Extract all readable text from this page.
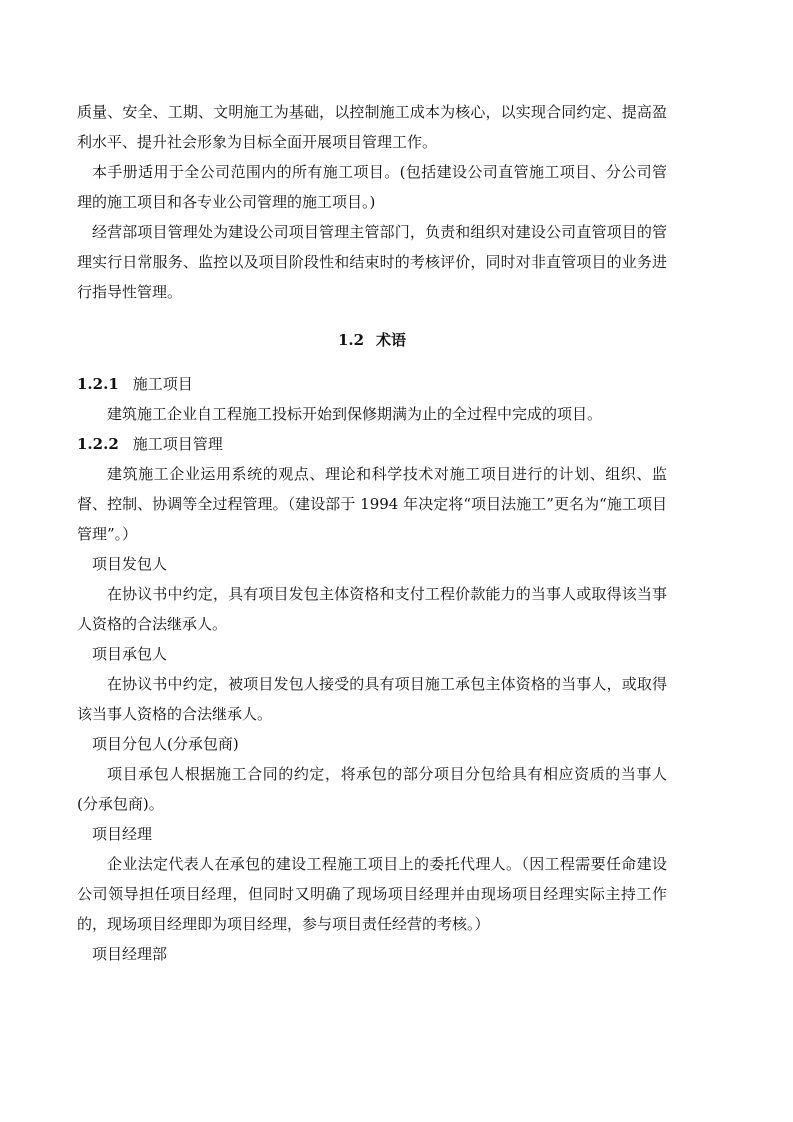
质量、安全、工期、文明施工为基础，以控制施工成本为核心，以实现合同约定、提高盈利水平、提升社会形象为目标全面开展项目管理工作。

本手册适用于全公司范围内的所有施工项目。(包括建设公司直管施工项目、分公司管理的施工项目和各专业公司管理的施工项目。)

经营部项目管理处为建设公司项目管理主管部门，负责和组织对建设公司直管项目的管理实行日常服务、监控以及项目阶段性和结束时的考核评价，同时对非直管项目的业务进行指导性管理。

1.2 术语

1.2.1 施工项目

建筑施工企业自工程施工投标开始到保修期满为止的全过程中完成的项目。

1.2.2 施工项目管理

建筑施工企业运用系统的观点、理论和科学技术对施工项目进行的计划、组织、监督、控制、协调等全过程管理。（建设部于 1994 年决定将“项目法施工”更名为“施工项目管理”。）

项目发包人

在协议书中约定，具有项目发包主体资格和支付工程价款能力的当事人或取得该当事人资格的合法继承人。

项目承包人

在协议书中约定，被项目发包人接受的具有项目施工承包主体资格的当事人，或取得该当事人资格的合法继承人。

项目分包人(分承包商)

项目承包人根据施工合同的约定，将承包的部分项目分包给具有相应资质的当事人(分承包商)。

项目经理

企业法定代表人在承包的建设工程施工项目上的委托代理人。（因工程需要任命建设公司领导担任项目经理，但同时又明确了现场项目经理并由现场项目经理实际主持工作的，现场项目经理即为项目经理，参与项目责任经营的考核。）

项目经理部
